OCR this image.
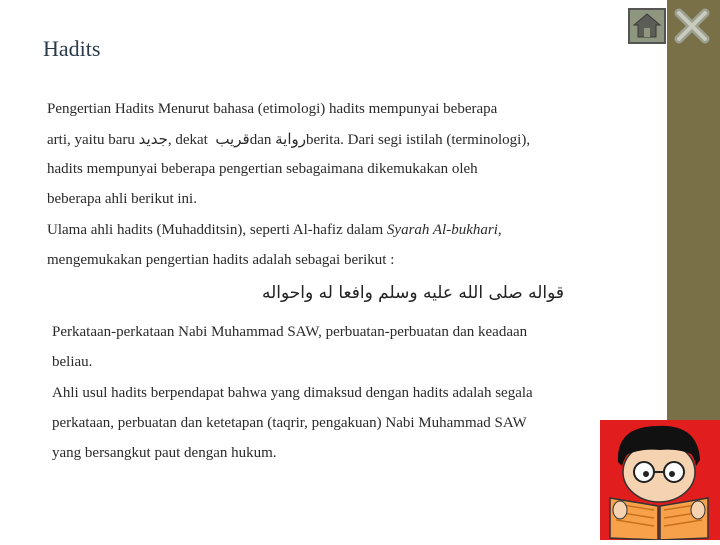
Hadits
Pengertian Hadits Menurut bahasa (etimologi) hadits mempunyai beberapa
arti, yaitu baru جديد, dekat  قريبdan روايةberita. Dari segi istilah (terminologi),
hadits mempunyai beberapa pengertian sebagaimana dikemukakan oleh
beberapa ahli berikut ini.
Ulama ahli hadits (Muhadditsin), seperti Al-hafiz dalam Syarah Al-bukhari,
mengemukakan pengertian hadits adalah sebagai berikut :
قواله صلى الله عليه وسلم وافعا له واحواله
Perkataan-perkataan Nabi Muhammad SAW, perbuatan-perbuatan dan keadaan
beliau.
Ahli usul hadits berpendapat bahwa yang dimaksud dengan hadits adalah segala
perkataan, perbuatan dan ketetapan (taqrir, pengakuan) Nabi Muhammad SAW
yang bersangkut paut dengan hukum.
